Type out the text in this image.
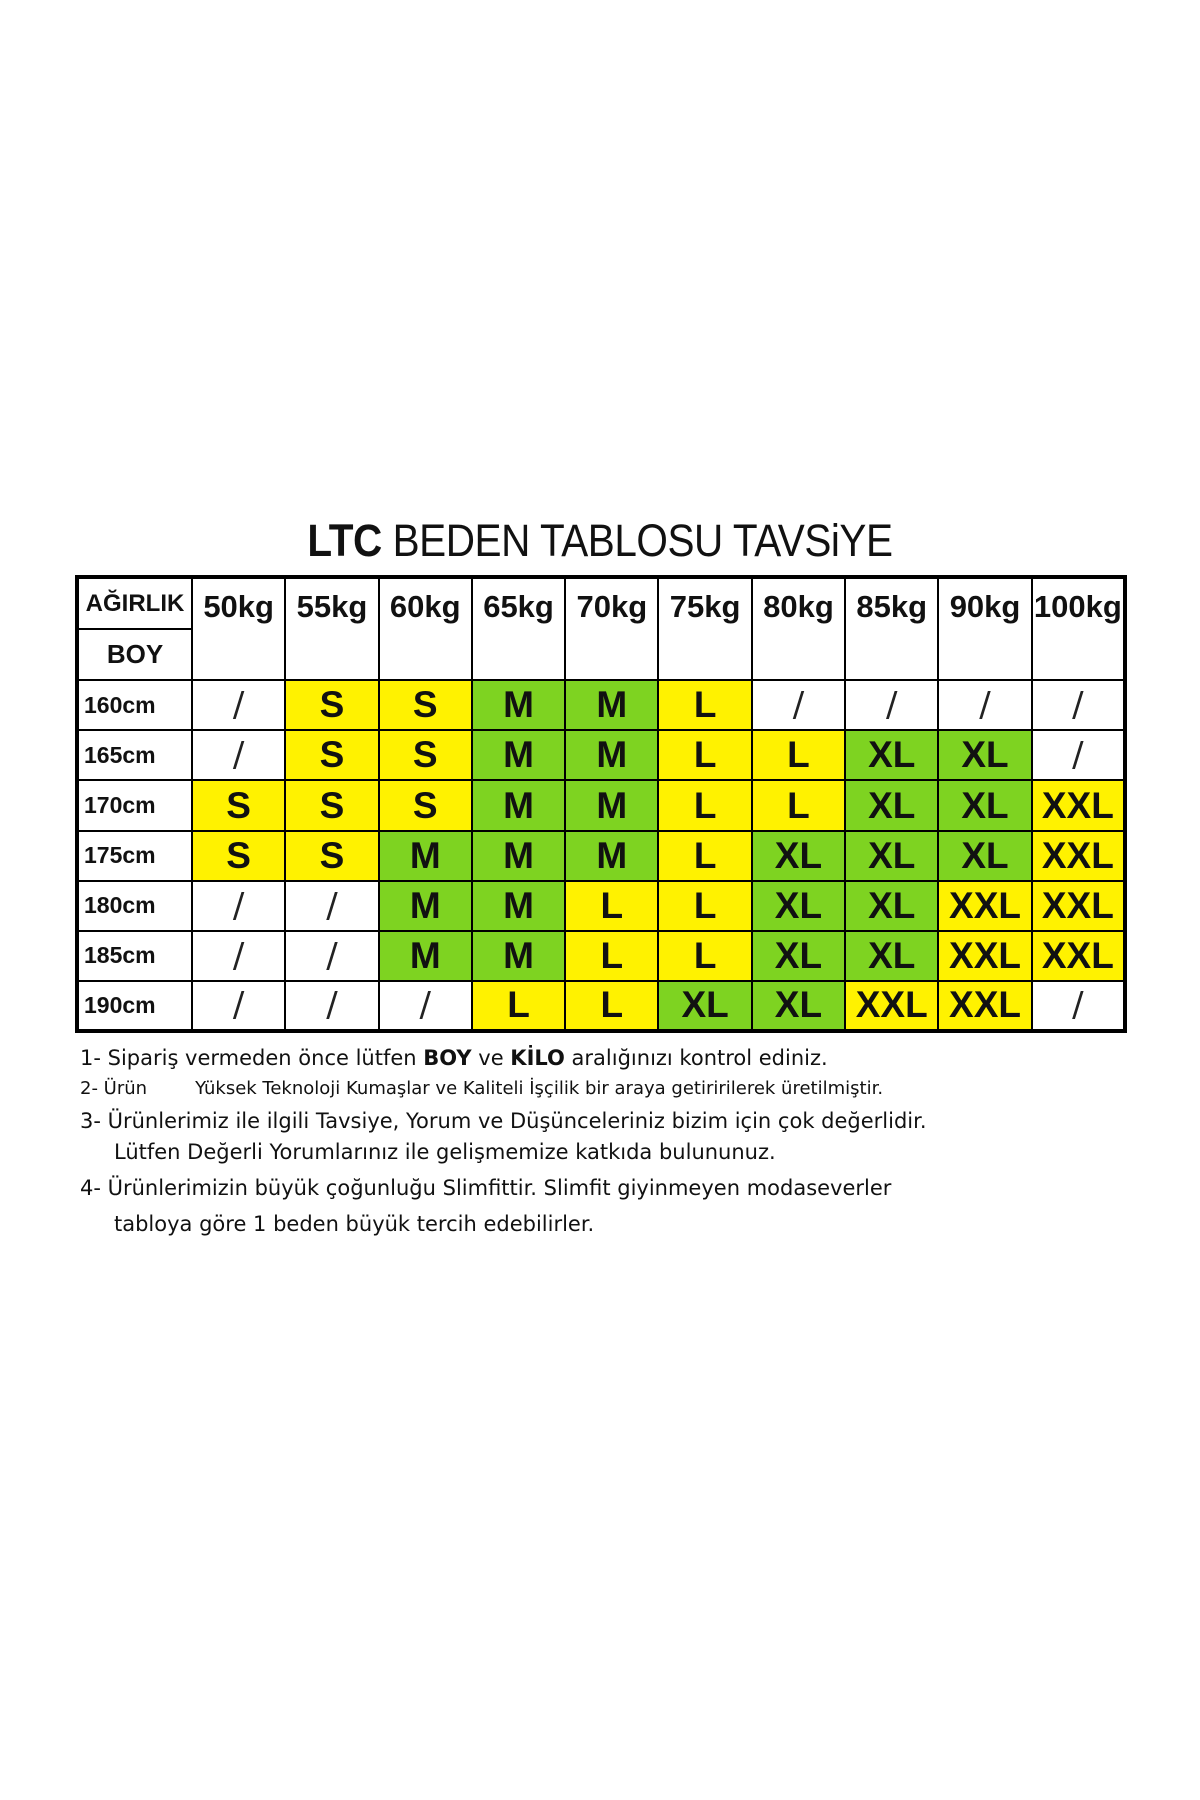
LTC BEDEN TABLOSU TAVSiYE
AĞIRLIK	50kg	55kg	60kg	65kg	70kg	75kg	80kg	85kg	90kg	100kg
BOY										
160cm	/	S	S	M	M	L	/	/	/	/
165cm	/	S	S	M	M	L	L	XL	XL	/
170cm	S	S	S	M	M	L	L	XL	XL	XXL
175cm	S	S	M	M	M	L	XL	XL	XL	XXL
180cm	/	/	M	M	L	L	XL	XL	XXL	XXL
185cm	/	/	M	M	L	L	XL	XL	XXL	XXL
190cm	/	/	/	L	L	XL	XL	XXL	XXL	/

1- Sipariş vermeden önce lütfen BOY ve KİLO aralığınızı kontrol ediniz.

2- Ürün	Yüksek Teknoloji Kumaşlar ve Kaliteli İşçilik bir araya getiririlerek üretilmiştir.

3- Ürünlerimiz ile ilgili Tavsiye, Yorum ve Düşünceleriniz bizim için çok değerlidir.

Lütfen Değerli Yorumlarınız ile gelişmemize katkıda bulununuz.

4- Ürünlerimizin büyük çoğunluğu Slimfittir. Slimfit giyinmeyen modaseverler

tabloya göre 1 beden büyük tercih edebilirler.
